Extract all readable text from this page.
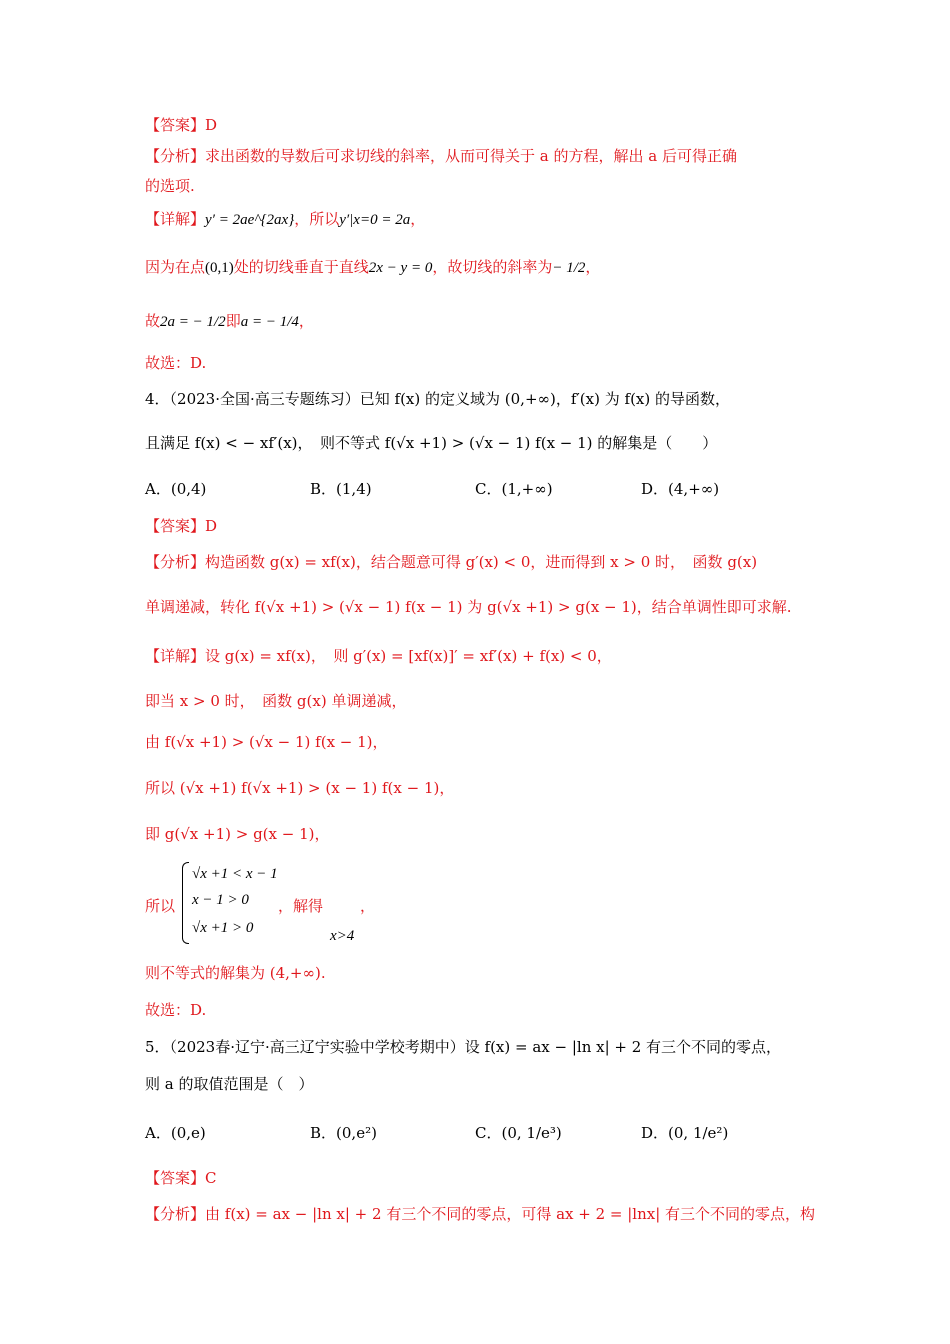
【答案】D
【分析】求出函数的导数后可求切线的斜率，从而可得关于 a 的方程，解出 a 后可得正确
的选项.
【详解】y′ = 2ae^{2ax}，所以y′|x=0 = 2a，
因为在点(0,1)处的切线垂直于直线2x − y = 0，故切线的斜率为− 1/2，
故2a = − 1/2即a = − 1/4，
故选：D.
4．（2023·全国·高三专题练习）已知 f(x) 的定义域为 (0,+∞)，f′(x) 为 f(x) 的导函数，
且满足 f(x) < − xf′(x)，　则不等式 f(√x +1) > (√x − 1) f(x − 1) 的解集是（　　）
A．(0,4)	B．(1,4)	C．(1,+∞)	D．(4,+∞)
【答案】D
【分析】构造函数 g(x) = xf(x)，结合题意可得 g′(x) < 0，进而得到 x > 0 时，　函数 g(x)
单调递减，转化 f(√x +1) > (√x − 1) f(x − 1) 为 g(√x +1) > g(x − 1)，结合单调性即可求解.
【详解】设 g(x) = xf(x)，　则 g′(x) = [xf(x)]′ = xf′(x) + f(x) < 0，
即当 x > 0 时，　函数 g(x) 单调递减，
由 f(√x +1) > (√x − 1) f(x − 1)，
所以 (√x +1) f(√x +1) > (x − 1) f(x − 1)，
即 g(√x +1) > g(x − 1)，
所以
√x +1 < x − 1
x − 1 > 0
√x +1 > 0
，解得
x>4
，
则不等式的解集为 (4,+∞).
故选：D.
5．（2023春·辽宁·高三辽宁实验中学校考期中）设 f(x) = ax − |ln x| + 2 有三个不同的零点，
则 a 的取值范围是（　）
A．(0,e)	B．(0,e²)	C．(0, 1/e³)	D．(0, 1/e²)
【答案】C
【分析】由 f(x) = ax − |ln x| + 2 有三个不同的零点，可得 ax + 2 = |lnx| 有三个不同的零点，构
